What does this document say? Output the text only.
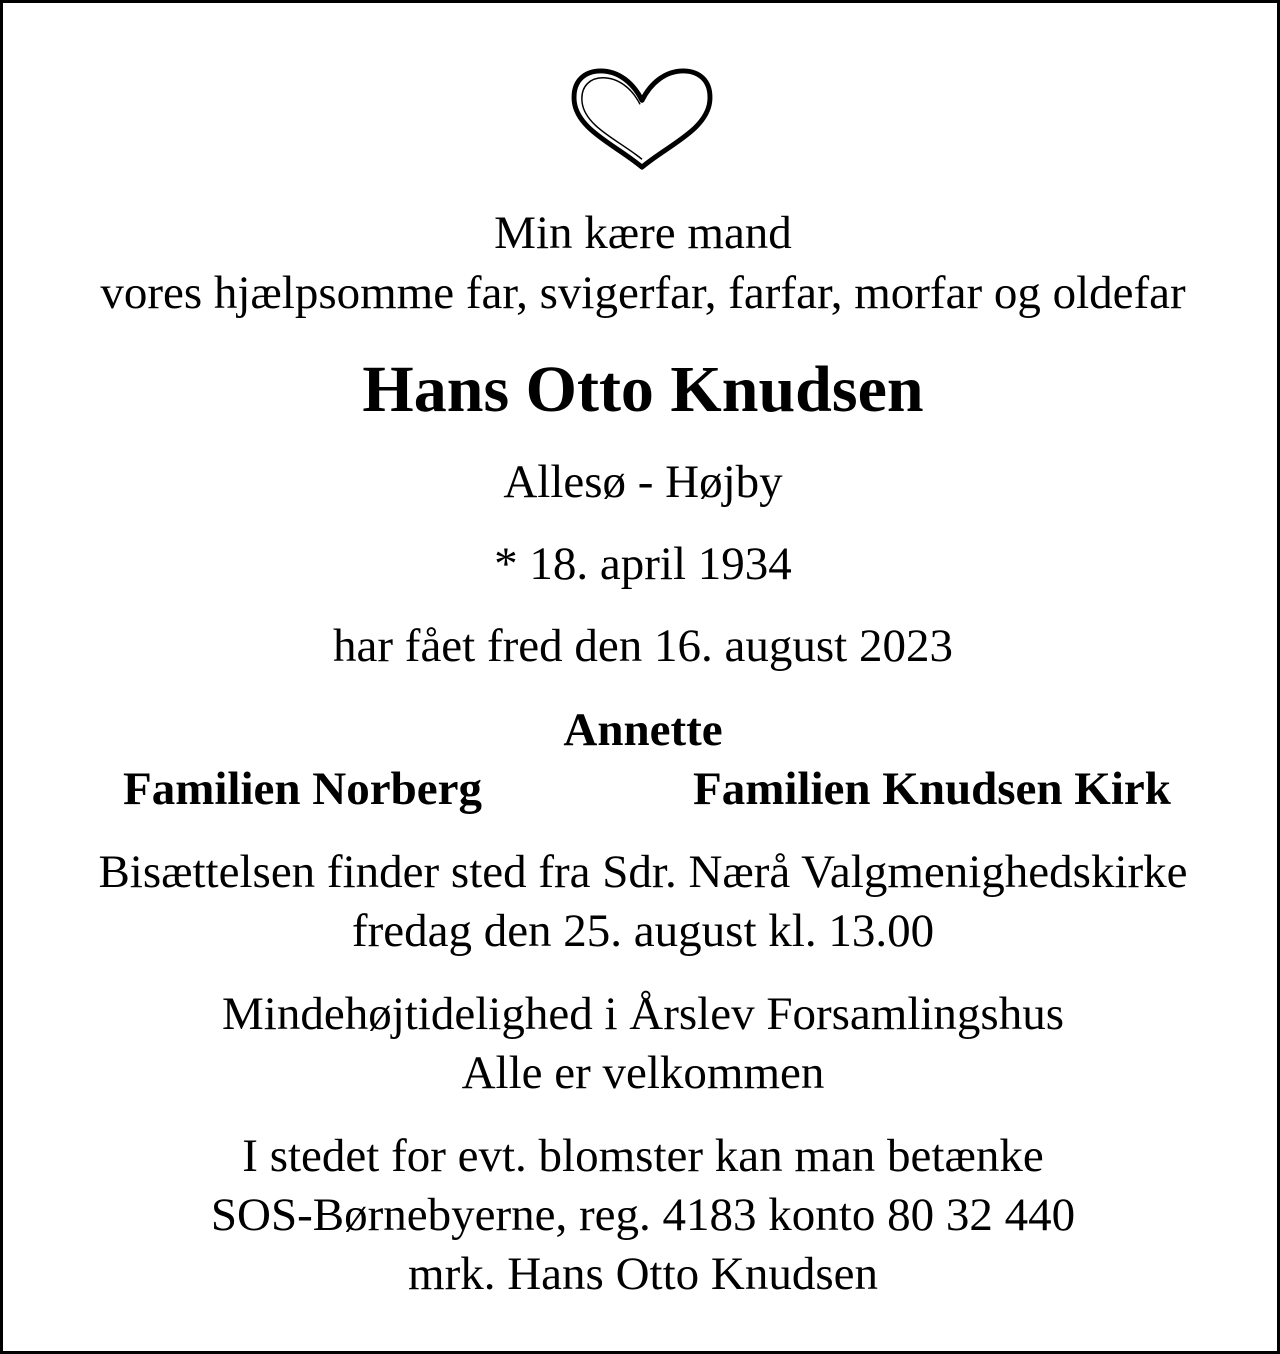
Min kære mand
vores hjælpsomme far, svigerfar, farfar, morfar og oldefar
Hans Otto Knudsen
Allesø - Højby
* 18. april 1934
har fået fred den 16. august 2023
Annette
Familien Norberg	Familien Knudsen Kirk
Bisættelsen finder sted fra Sdr. Nærå Valgmenighedskirke
fredag den 25. august kl. 13.00
Mindehøjtidelighed i Årslev Forsamlingshus
Alle er velkommen
I stedet for evt. blomster kan man betænke
SOS-Børnebyerne, reg. 4183 konto 80 32 440
mrk. Hans Otto Knudsen
